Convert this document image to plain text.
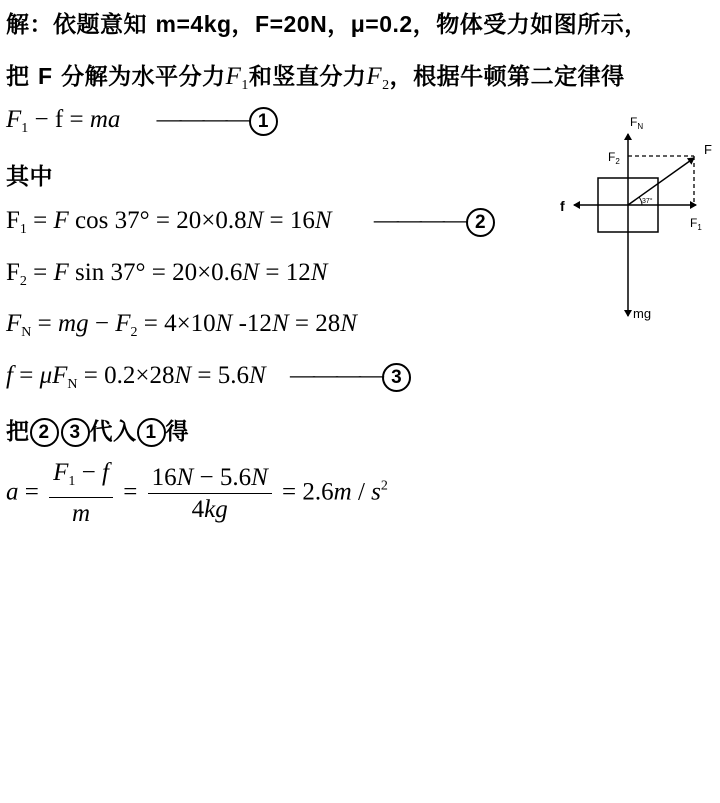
解：依题意知 m=4kg，F=20N，μ=0.2，物体受力如图所示，
把 F 分解为水平分力$F_1$和竖直分力$F_2$，根据牛顿第二定律得
$F_1 - f$ = ma ———— 1
其中
$F_1 = F$ cos 37° = 20×0.8N = 16N ———— 2
$F_2 = F$ sin 37° = 20×0.6N = 12N
$F_N$ = mg − $F_2 = 4\times 10N$ -12N = 28N
$f = \mu F_N = 0.2\times 28N = 5.6N$ ———— 3
把 2 3 代入 1 得
$a = \frac{F_1 - f}{m} = \frac{16N - 5.6N}{4kg} = 2.6m / s^2$
$F_N$
$F_2$
F
f	37°
$F_1$
mg
